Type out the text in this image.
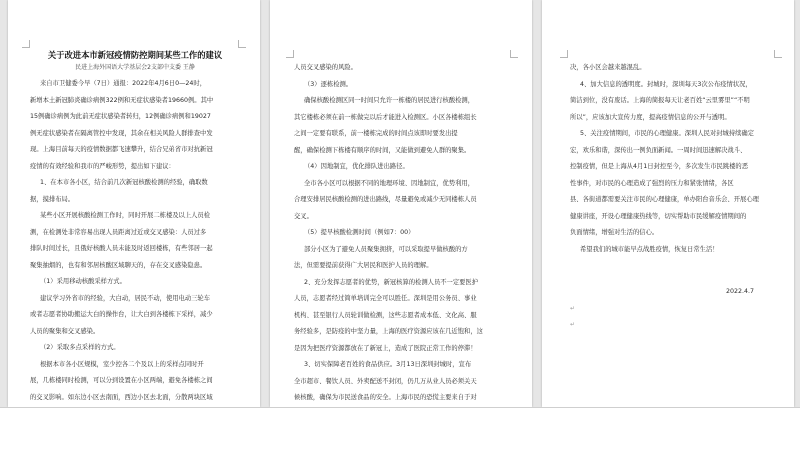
关于改进本市新冠疫情防控期间某些工作的建议
民进上海外国语大学基层会2支部中支委 王静
来自市卫健委今早（7日）通报：2022年4月6日0—24时，
新增本土新冠肺炎确诊病例322例和无症状感染者19660例。其中
15例确诊病例为此前无症状感染者转归，12例确诊病例和19027
例无症状感染者在隔离管控中发现，其余在相关风险人群排查中发
现。上海目前每天的疫情数据都飞速攀升，结合兄弟省市对抗新冠
疫情的有效经验和我市的严峻形势，提出如下建议：
1、在本市各小区，结合前几次新冠核酸检测的经验，确取数
据，摸排布局。
某些小区开展核酸检测工作时，同时开展二栋楼及以上人员检
测，在检测处非常容易出现人员距离过近或交叉感染：人员过多
排队时间过长，且俄好核酸人员未能及时返回楼栋，有些邻居一起
聚集抽烟的，也有和邻居核酸区域聊天的，存在交叉感染隐患。
（1）采用移动核酸采样方式。
建议学习外省市的经验，大白动，居民不动，使用电动三轮车
或者志愿者协助搬运大白的操作台，让大白到各楼栋下采样，减少
人员的聚集和交叉感染。
（2）采取多点采样的方式。
根据本市各小区规模，室少控各二个及以上的采样点同时开
展，几栋楼同时检测，可以分到设置在小区两端，避免各楼栋之间
的交叉影响。如东边小区去南面，西边小区去北面，分散两块区域
人员交叉感染的风险。
（3）逐栋检测。
确保核酸检测区同一时间只允许一栋楼的居民进行核酸检测，
其它楼栋必须在前一栋做完以后才能进入检测区。小区各楼栋组长
之间一定要有联系，前一楼栋完成的时间点该即时要发出提
醒，确保检测下栋楼有顺序的时间，又能做到避免人群的聚集。
（4）因地制宜，优化排队进出路径。
全市各小区可以根据不同的地理环境、因地制宜，优势利用，
合理安排居民核酸检测的进出路线，尽量避免或减少无同楼栋人员
交叉。
（5）提早核酸检测时间（例如7：00）
部分小区为了避免人员聚集拥挤，可以采取提早做核酸的方
法，但需要提前获得广大居民和医护人员的理解。
2、充分发挥志愿者的优势，新冠核算的检测人员不一定要医护
人员，志愿者经过简单培训完全可以胜任。深圳是用公务员、事业
机构、甚至银行人员轮训做检测，这些志愿者成本低、文化高、服
务经验多，是防疫的中坚力量，上海的医疗资源应该在几近饱和，这
是因为把医疗资源都放在了新冠上，造成了医院正常工作的停滞！
3、切实保障老百姓的食品供应。3月13日深圳封城时，宣布
全市超市、餐饮人员、外卖配送不封闭，仍几万从业人员必须关天
候核酸，确保为市民送食品的安全。上海市民的恐慌主要来自于对
决，各小区会越来越混乱。
4、加大信息的透明度。封城时，深圳每天3次公布疫情状况，
简洁到位，没有废话。上海的简报每天让老百姓“云里雾里”“不明
所以”，应该加大宣传力度，提高疫情信息的公开与透明。
5、关注疫情期间，市民的心理健康。深圳人民对封城持续确定
宏，欢乐和谐，深传出一例负面新闻。一周时间迅速解决战斗、
控制疫情，但是上海从4月1日封控至今，多次发生市民跳楼的恶
性事件，对市民的心理造成了强烈的压力和紧张情绪，各区
县、各街道都需要关注市民的心理健康，单办阳台音乐会、开展心理
健康讲座，开设心理健康热线等，切实帮助市民缓解疫情期间的
负面情绪，增强对生活的信心。
希望我们的城市能早点战胜疫情，恢复日常生活！
2022.4.7
↵
↵
